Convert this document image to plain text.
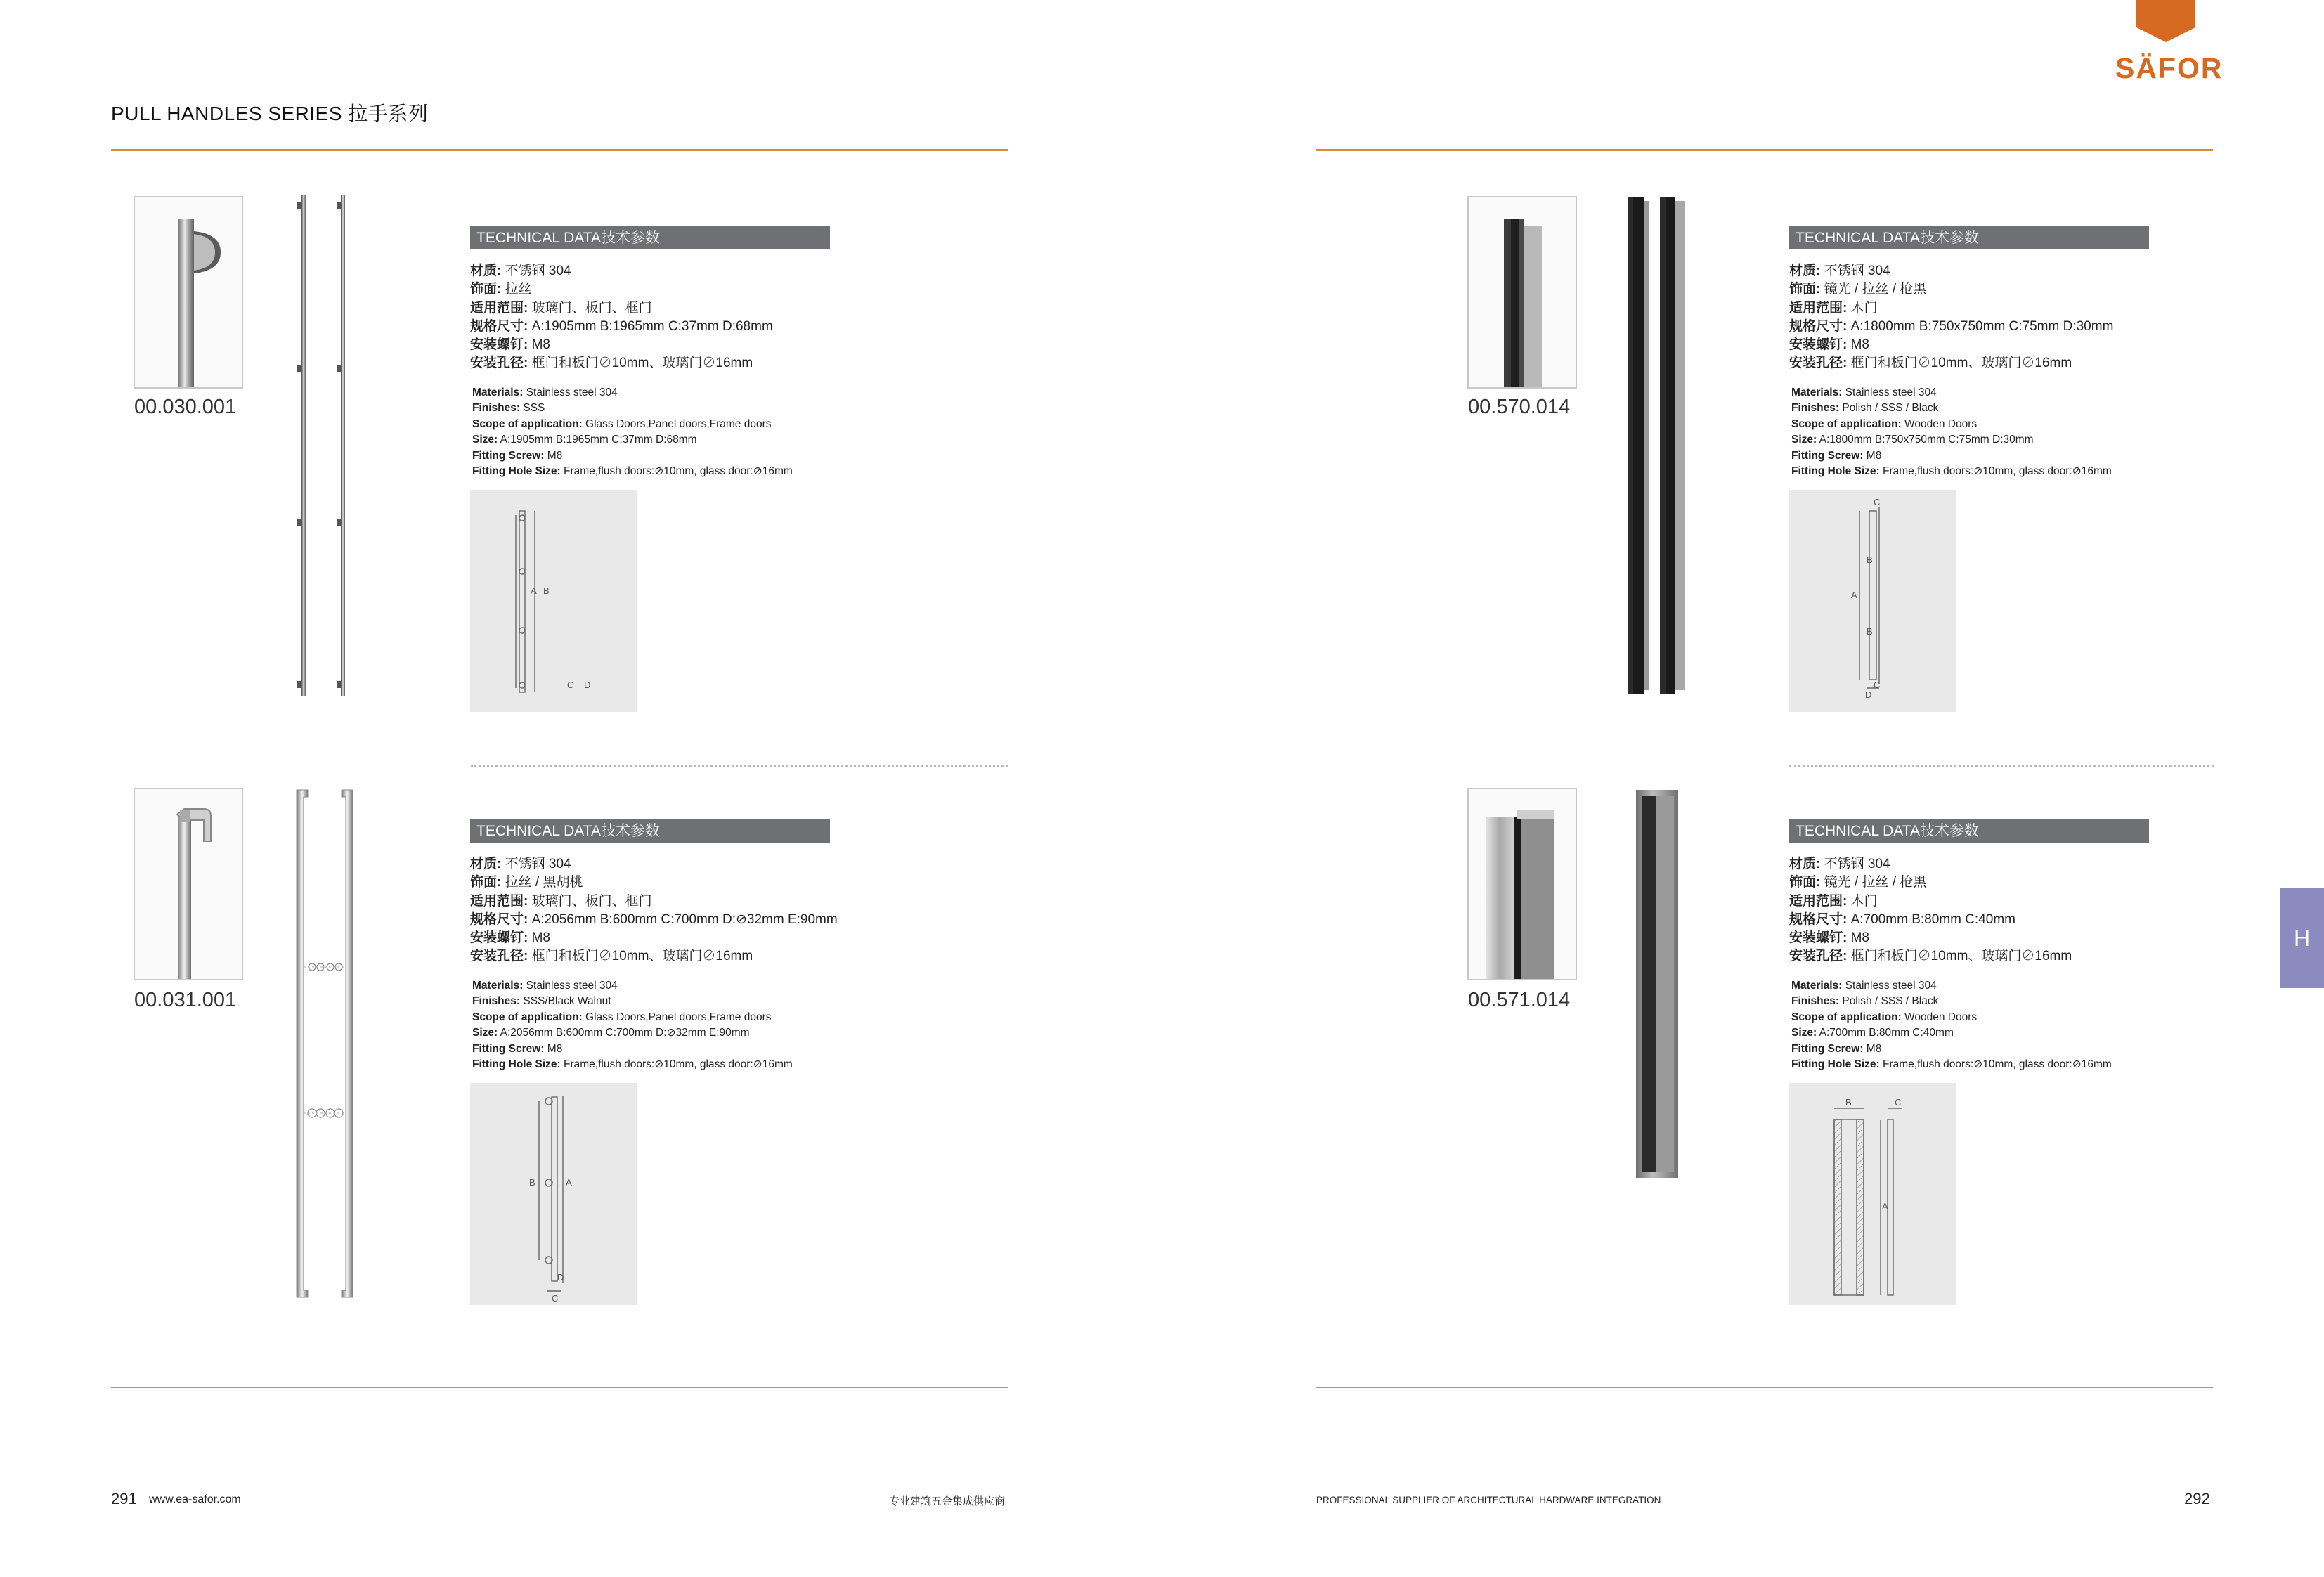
PULL HANDLES SERIES 拉手系列
SÄFOR
H
00.030.001
TECHNICAL DATA技术参数
材质: 不锈钢 304
饰面: 拉丝
适用范围: 玻璃门、板门、框门
规格尺寸: A:1905mm B:1965mm C:37mm D:68mm
安装螺钉: M8
安装孔径: 框门和板门⊘10mm、玻璃门⊘16mm
Materials: Stainless steel 304
Finishes: SSS
Scope of application: Glass Doors,Panel doors,Frame doors
Size: A:1905mm B:1965mm C:37mm D:68mm
Fitting Screw: M8
Fitting Hole Size: Frame,flush doors:⊘10mm, glass door:⊘16mm
A B
C D
00.031.001
TECHNICAL DATA技术参数
材质: 不锈钢 304
饰面: 拉丝 / 黑胡桃
适用范围: 玻璃门、板门、框门
规格尺寸: A:2056mm B:600mm C:700mm D:⊘32mm E:90mm
安装螺钉: M8
安装孔径: 框门和板门⊘10mm、玻璃门⊘16mm
Materials: Stainless steel 304
Finishes: SSS/Black Walnut
Scope of application: Glass Doors,Panel doors,Frame doors
Size: A:2056mm B:600mm C:700mm D:⊘32mm E:90mm
Fitting Screw: M8
Fitting Hole Size: Frame,flush doors:⊘10mm, glass door:⊘16mm
A
B
C
D
00.570.014
TECHNICAL DATA技术参数
材质: 不锈钢 304
饰面: 镜光 / 拉丝 / 枪黑
适用范围: 木门
规格尺寸: A:1800mm B:750x750mm C:75mm D:30mm
安装螺钉: M8
安装孔径: 框门和板门⊘10mm、玻璃门⊘16mm
Materials: Stainless steel 304
Finishes: Polish / SSS / Black
Scope of application: Wooden Doors
Size: A:1800mm B:750x750mm C:75mm D:30mm
Fitting Screw: M8
Fitting Hole Size: Frame,flush doors:⊘10mm, glass door:⊘16mm
A
B
B
C
C
D
00.571.014
TECHNICAL DATA技术参数
材质: 不锈钢 304
饰面: 镜光 / 拉丝 / 枪黑
适用范围: 木门
规格尺寸: A:700mm B:80mm C:40mm
安装螺钉: M8
安装孔径: 框门和板门⊘10mm、玻璃门⊘16mm
Materials: Stainless steel 304
Finishes: Polish / SSS / Black
Scope of application: Wooden Doors
Size: A:700mm B:80mm C:40mm
Fitting Screw: M8
Fitting Hole Size: Frame,flush doors:⊘10mm, glass door:⊘16mm
A
B	C
291 www.ea-safor.com	专业建筑五金集成供应商	PROFESSIONAL SUPPLIER OF ARCHITECTURAL HARDWARE INTEGRATION	292
